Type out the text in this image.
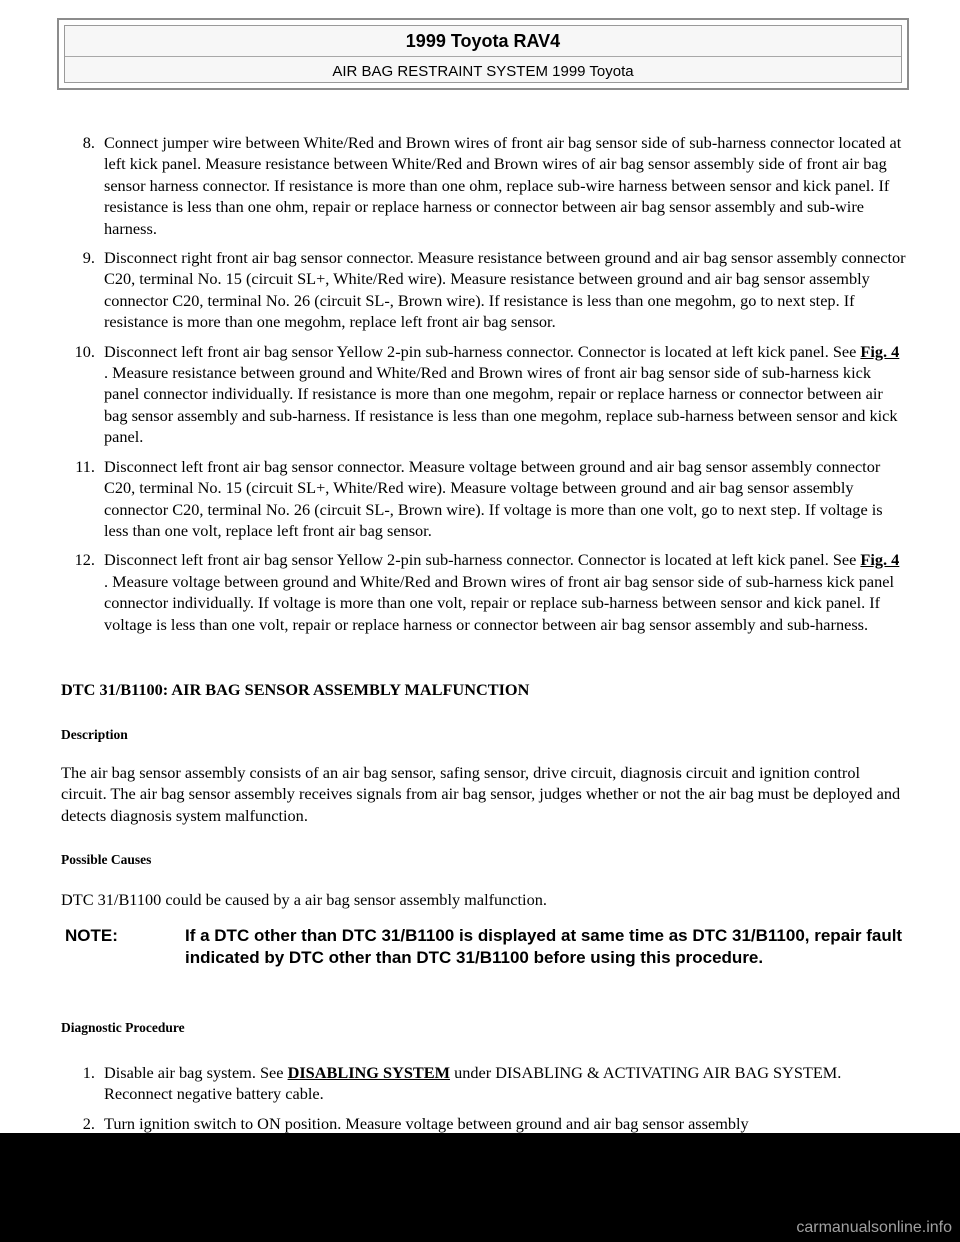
1999 Toyota RAV4
AIR BAG RESTRAINT SYSTEM 1999 Toyota
8. Connect jumper wire between White/Red and Brown wires of front air bag sensor side of sub-harness connector located at left kick panel. Measure resistance between White/Red and Brown wires of air bag sensor assembly side of front air bag sensor harness connector. If resistance is more than one ohm, replace sub-wire harness between sensor and kick panel. If resistance is less than one ohm, repair or replace harness or connector between air bag sensor assembly and sub-wire harness.
9. Disconnect right front air bag sensor connector. Measure resistance between ground and air bag sensor assembly connector C20, terminal No. 15 (circuit SL+, White/Red wire). Measure resistance between ground and air bag sensor assembly connector C20, terminal No. 26 (circuit SL-, Brown wire). If resistance is less than one megohm, go to next step. If resistance is more than one megohm, replace left front air bag sensor.
10. Disconnect left front air bag sensor Yellow 2-pin sub-harness connector. Connector is located at left kick panel. See Fig. 4 . Measure resistance between ground and White/Red and Brown wires of front air bag sensor side of sub-harness kick panel connector individually. If resistance is more than one megohm, repair or replace harness or connector between air bag sensor assembly and sub-harness. If resistance is less than one megohm, replace sub-harness between sensor and kick panel.
11. Disconnect left front air bag sensor connector. Measure voltage between ground and air bag sensor assembly connector C20, terminal No. 15 (circuit SL+, White/Red wire). Measure voltage between ground and air bag sensor assembly connector C20, terminal No. 26 (circuit SL-, Brown wire). If voltage is more than one volt, go to next step. If voltage is less than one volt, replace left front air bag sensor.
12. Disconnect left front air bag sensor Yellow 2-pin sub-harness connector. Connector is located at left kick panel. See Fig. 4 . Measure voltage between ground and White/Red and Brown wires of front air bag sensor side of sub-harness kick panel connector individually. If voltage is more than one volt, repair or replace sub-harness between sensor and kick panel. If voltage is less than one volt, repair or replace harness or connector between air bag sensor assembly and sub-harness.
DTC 31/B1100: AIR BAG SENSOR ASSEMBLY MALFUNCTION
Description

The air bag sensor assembly consists of an air bag sensor, safing sensor, drive circuit, diagnosis circuit and ignition control circuit. The air bag sensor assembly receives signals from air bag sensor, judges whether or not the air bag must be deployed and detects diagnosis system malfunction.

Possible Causes

DTC 31/B1100 could be caused by a air bag sensor assembly malfunction.

NOTE:	If a DTC other than DTC 31/B1100 is displayed at same time as DTC 31/B1100, repair fault indicated by DTC other than DTC 31/B1100 before using this procedure.
Diagnostic Procedure
1. Disable air bag system. See DISABLING SYSTEM under DISABLING & ACTIVATING AIR BAG SYSTEM. Reconnect negative battery cable.
2. Turn ignition switch to ON position. Measure voltage between ground and air bag sensor assembly
carmanualsonline.info
